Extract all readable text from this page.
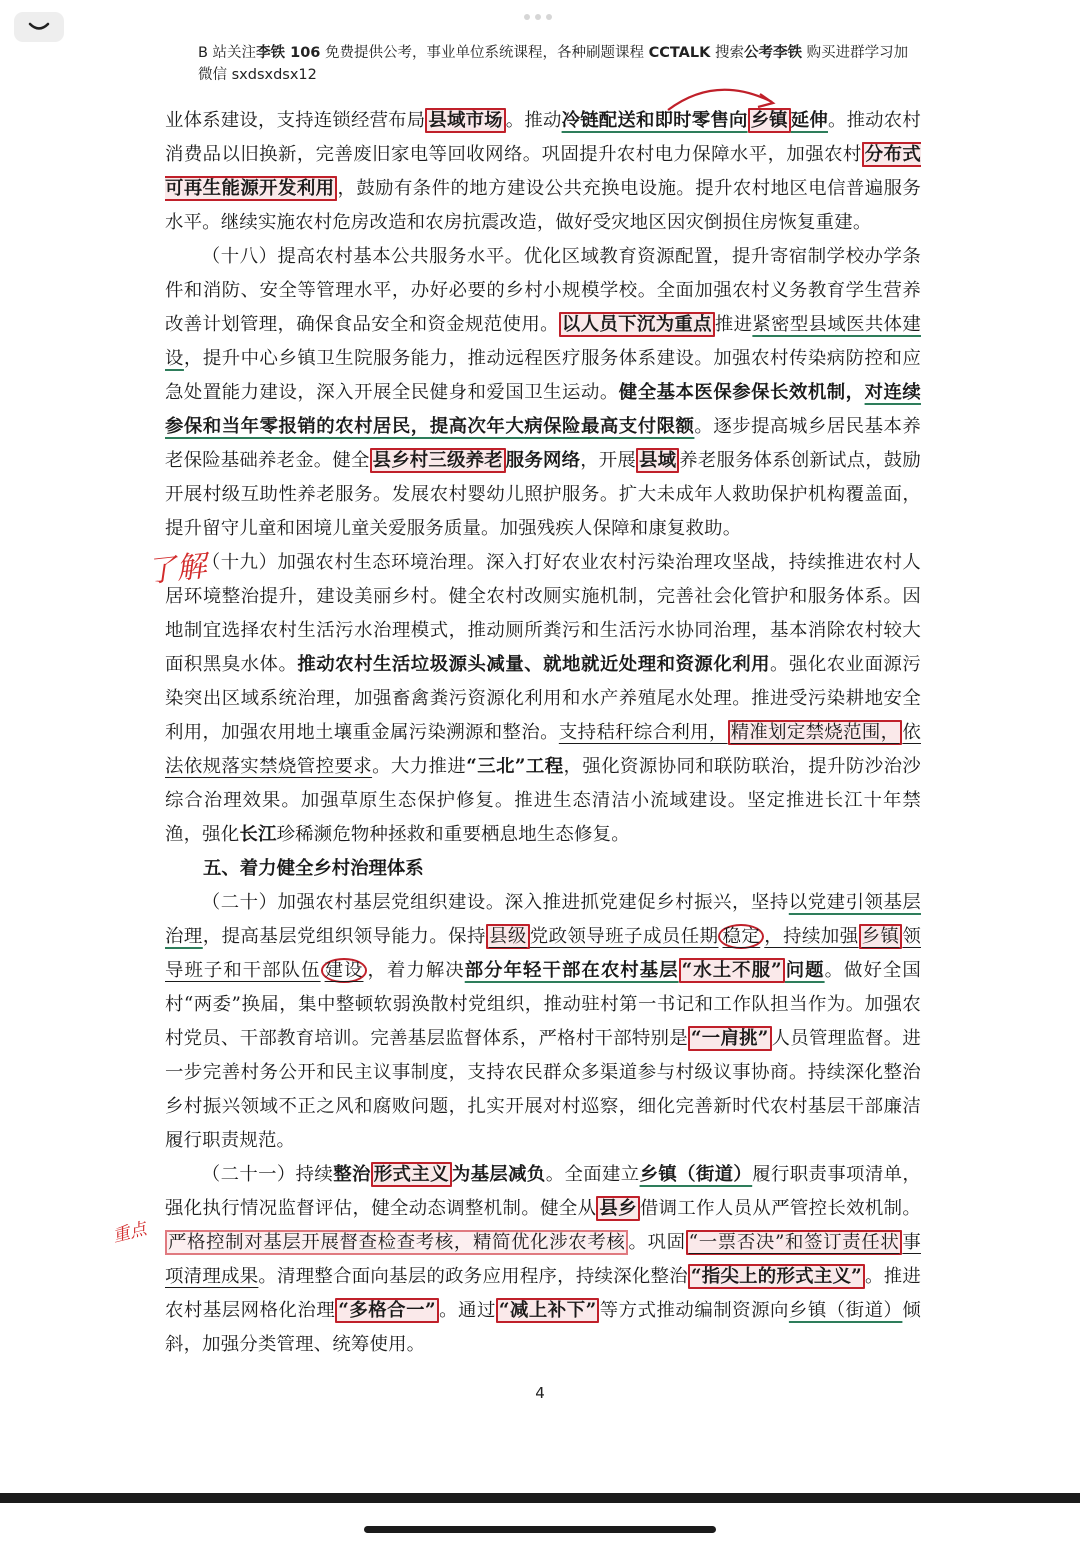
B 站关注李铁 106 免费提供公考，事业单位系统课程，各种刷题课程 CCTALK 搜索公考李铁 购买进群学习加微信 sxdsxdsx12
了解
重点

业体系建设，支持连锁经营布局 县域市场 。推动冷链配送和即时零售向 乡镇 延伸。推动农村消费品以旧换新，完善废旧家电等回收网络。巩固提升农村电力保障水平，加强农村 分布式可再生能源开发利用 ，鼓励有条件的地方建设公共充换电设施。提升农村地区电信普遍服务水平。继续实施农村危房改造和农房抗震改造，做好受灾地区因灾倒损住房恢复重建。

（十八）提高农村基本公共服务水平。优化区域教育资源配置，提升寄宿制学校办学条件和消防、安全等管理水平，办好必要的乡村小规模学校。全面加强农村义务教育学生营养改善计划管理，确保食品安全和资金规范使用。 以人员下沉为重点 推进紧密型县域医共体建设，提升中心乡镇卫生院服务能力，推动远程医疗服务体系建设。加强农村传染病防控和应急处置能力建设，深入开展全民健身和爱国卫生运动。健全基本医保参保长效机制，对连续参保和当年零报销的农村居民，提高次年大病保险最高支付限额。逐步提高城乡居民基本养老保险基础养老金。健全 县乡村三级养老 服务网络，开展 县域 养老服务体系创新试点，鼓励开展村级互助性养老服务。发展农村婴幼儿照护服务。扩大未成年人救助保护机构覆盖面，提升留守儿童和困境儿童关爱服务质量。加强残疾人保障和康复救助。

（十九）加强农村生态环境治理。深入打好农业农村污染治理攻坚战，持续推进农村人居环境整治提升，建设美丽乡村。健全农村改厕实施机制，完善社会化管护和服务体系。因地制宜选择农村生活污水治理模式，推动厕所粪污和生活污水协同治理，基本消除农村较大面积黑臭水体。推动农村生活垃圾源头减量、就地就近处理和资源化利用。强化农业面源污染突出区域系统治理，加强畜禽粪污资源化利用和水产养殖尾水处理。推进受污染耕地安全利用，加强农用地土壤重金属污染溯源和整治。支持秸秆综合利用， 精准划定禁烧范围， 依法依规落实禁烧管控要求。大力推进“三北”工程，强化资源协同和联防联治，提升防沙治沙综合治理效果。加强草原生态保护修复。推进生态清洁小流域建设。坚定推进长江十年禁渔，强化长江珍稀濒危物种拯救和重要栖息地生态修复。

五、着力健全乡村治理体系

（二十）加强农村基层党组织建设。深入推进抓党建促乡村振兴，坚持以党建引领基层治理，提高基层党组织领导能力。保持 县级 党政领导班子成员任期 稳定 ，持续加强 乡镇 领导班子和干部队伍 建设 ，着力解决部分年轻干部在农村基层 “水土不服” 问题。做好全国村“两委”换届，集中整顿软弱涣散村党组织，推动驻村第一书记和工作队担当作为。加强农村党员、干部教育培训。完善基层监督体系，严格村干部特别是 “一肩挑” 人员管理监督。进一步完善村务公开和民主议事制度，支持农民群众多渠道参与村级议事协商。持续深化整治乡村振兴领域不正之风和腐败问题，扎实开展对村巡察，细化完善新时代农村基层干部廉洁履行职责规范。

（二十一）持续整治 形式主义 为基层减负。全面建立乡镇（街道）履行职责事项清单，强化执行情况监督评估，健全动态调整机制。健全从 县乡 借调工作人员从严管控长效机制。严格控制对基层开展督查检查考核，精简优化涉农考核 。巩固 “一票否决”和签订责任状 事项清理成果。清理整合面向基层的政务应用程序，持续深化整治 “指尖上的形式主义” 。推进农村基层网格化治理 “多格合一” 。通过 “减上补下” 等方式推动编制资源向乡镇（街道）倾斜，加强分类管理、统筹使用。

4
